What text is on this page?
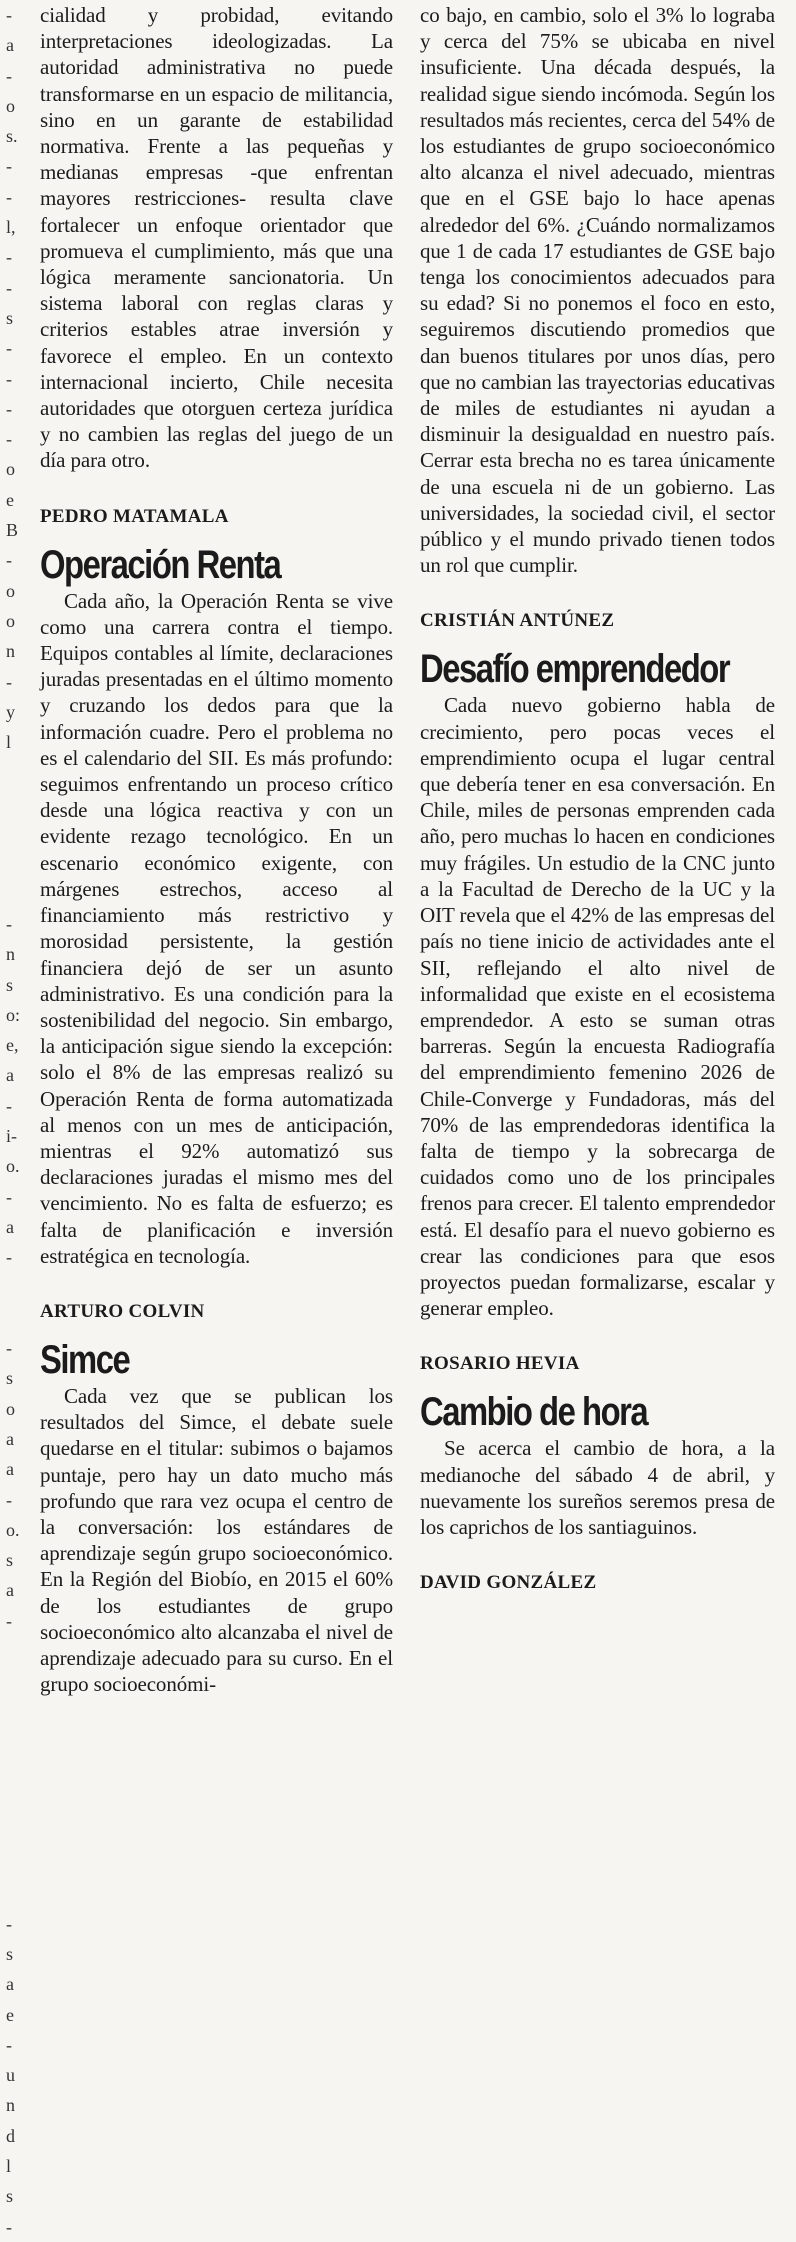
-
a
-
o
s.
-
-
l,
-
-
s
-
-
-
-
o
e
B
-
o
o
n
-
y
l
-
n
s
o:
e,
a
-
i-
o.
-
a
-
-
s
o
a
a
-
o.
s
a
-
-
s
a
e
-
u
n
d
l
s
-

cialidad y probidad, evitando interpretaciones ideologizadas. La autoridad administrativa no puede transformarse en un espacio de militancia, sino en un garante de estabilidad normativa. Frente a las pequeñas y medianas empresas -que enfrentan mayores restricciones- resulta clave fortalecer un enfoque orientador que promueva el cumplimiento, más que una lógica meramente sancionatoria. Un sistema laboral con reglas claras y criterios estables atrae inversión y favorece el empleo. En un contexto internacional incierto, Chile necesita autoridades que otorguen certeza jurídica y no cambien las reglas del juego de un día para otro.

PEDRO MATAMALA
Operación Renta

Cada año, la Operación Renta se vive como una carrera contra el tiempo. Equipos contables al límite, declaraciones juradas presentadas en el último momento y cruzando los dedos para que la información cuadre. Pero el problema no es el calendario del SII. Es más profundo: seguimos enfrentando un proceso crítico desde una lógica reactiva y con un evidente rezago tecnológico. En un escenario económico exigente, con márgenes estrechos, acceso al financiamiento más restrictivo y morosidad persistente, la gestión financiera dejó de ser un asunto administrativo. Es una condición para la sostenibilidad del negocio. Sin embargo, la anticipación sigue siendo la excepción: solo el 8% de las empresas realizó su Operación Renta de forma automatizada al menos con un mes de anticipación, mientras el 92% automatizó sus declaraciones juradas el mismo mes del vencimiento. No es falta de esfuerzo; es falta de planificación e inversión estratégica en tecnología.

ARTURO COLVIN
Simce

Cada vez que se publican los resultados del Simce, el debate suele quedarse en el titular: subimos o bajamos puntaje, pero hay un dato mucho más profundo que rara vez ocupa el centro de la conversación: los estándares de aprendizaje según grupo socioeconómico. En la Región del Biobío, en 2015 el 60% de los estudiantes de grupo socioeconómico alto alcanzaba el nivel de aprendizaje adecuado para su curso. En el grupo socioeconómi-

co bajo, en cambio, solo el 3% lo lograba y cerca del 75% se ubicaba en nivel insuficiente. Una década después, la realidad sigue siendo incómoda. Según los resultados más recientes, cerca del 54% de los estudiantes de grupo socioeconómico alto alcanza el nivel adecuado, mientras que en el GSE bajo lo hace apenas alrededor del 6%. ¿Cuándo normalizamos que 1 de cada 17 estudiantes de GSE bajo tenga los conocimientos adecuados para su edad? Si no ponemos el foco en esto, seguiremos discutiendo promedios que dan buenos titulares por unos días, pero que no cambian las trayectorias educativas de miles de estudiantes ni ayudan a disminuir la desigualdad en nuestro país. Cerrar esta brecha no es tarea únicamente de una escuela ni de un gobierno. Las universidades, la sociedad civil, el sector público y el mundo privado tienen todos un rol que cumplir.

CRISTIÁN ANTÚNEZ
Desafío emprendedor

Cada nuevo gobierno habla de crecimiento, pero pocas veces el emprendimiento ocupa el lugar central que debería tener en esa conversación. En Chile, miles de personas emprenden cada año, pero muchas lo hacen en condiciones muy frágiles. Un estudio de la CNC junto a la Facultad de Derecho de la UC y la OIT revela que el 42% de las empresas del país no tiene inicio de actividades ante el SII, reflejando el alto nivel de informalidad que existe en el ecosistema emprendedor. A esto se suman otras barreras. Según la encuesta Radiografía del emprendimiento femenino 2026 de Chile-Converge y Fundadoras, más del 70% de las emprendedoras identifica la falta de tiempo y la sobrecarga de cuidados como uno de los principales frenos para crecer. El talento emprendedor está. El desafío para el nuevo gobierno es crear las condiciones para que esos proyectos puedan formalizarse, escalar y generar empleo.

ROSARIO HEVIA
Cambio de hora

Se acerca el cambio de hora, a la medianoche del sábado 4 de abril, y nuevamente los sureños seremos presa de los caprichos de los santiaguinos.

DAVID GONZÁLEZ
